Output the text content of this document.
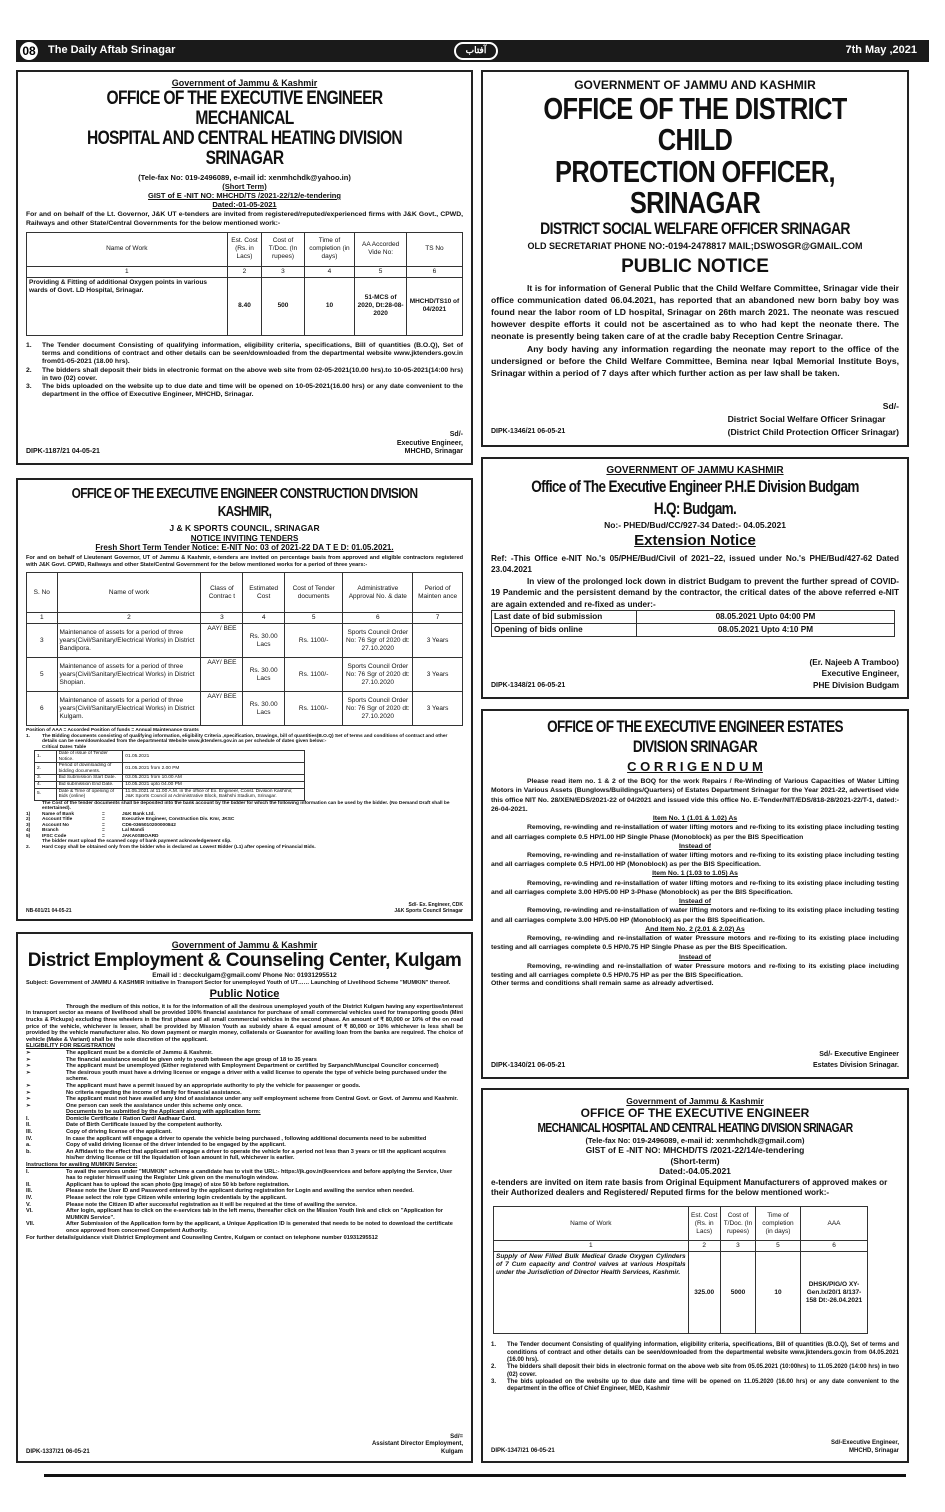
08	The Daily Aftab Srinagar	آفتاب	7th May ,2021
Government of Jammu & Kashmir
OFFICE OF THE EXECUTIVE ENGINEER MECHANICAL
HOSPITAL AND CENTRAL HEATING DIVISION SRINAGAR
(Tele-fax No: 019-2496089, e-mail id: xenmhchdk@yahoo.in)
(Short Term)
GIST of E -NIT NO: MHCHD/TS /2021-22/12/e-tendering
Dated:-01-05-2021
For and on behalf of the Lt. Governor, J&K UT e-tenders are invited from registered/reputed/experienced firms with J&K Govt., CPWD, Railways and other State/Central Governments for the below mentioned work:-
Name of Work	Est. Cost (Rs. in Lacs)	Cost of T/Doc. (In rupees)	Time of completion (in days)	AA Accorded Vide No:	TS No
1	2	3	4	5	6
Providing & Fitting of additional Oxygen points in various wards of Govt. LD Hospital, Srinagar.	8.40	500	10	51-MCS of 2020, Dt:28-08-2020	MHCHD/TS10 of 04/2021
1.	The Tender document Consisting of qualifying information, eligibility criteria, specifications, Bill of quantities (B.O.Q), Set of terms and conditions of contract and other details can be seen/downloaded from the departmental website www.jktenders.gov.in from01-05-2021 (18.00 hrs).
2.	The bidders shall deposit their bids in electronic format on the above web site from 02-05-2021(10.00 hrs).to 10-05-2021(14:00 hrs) in two (02) cover.
3.	The bids uploaded on the website up to due date and time will be opened on 10-05-2021(16.00 hrs) or any date convenient to the department in the office of Executive Engineer, MHCHD, Srinagar.
Sd/-
Executive Engineer,
MHCHD, Srinagar
DIPK-1187/21 04-05-21
OFFICE OF THE EXECUTIVE ENGINEER CONSTRUCTION DIVISION KASHMIR,
J & K SPORTS COUNCIL, SRINAGAR
NOTICE INVITING TENDERS
Fresh Short Term Tender Notice: E-NIT No: 03 of 2021-22 DA T E D: 01.05.2021.
For and on behalf of Lieutenant Governor, UT of Jammu & Kashmir, e-tenders are invited on percentage basis from approved and eligible contractors registered with J&K Govt. CPWD, Railways and other State/Central Government for the below mentioned works for a period of three years:-
S. No	Name of work	Class of Contrac t	Estimated Cost	Cost of Tender documents	Administrative Approval No. & date	Period of Mainten ance
1	2	3	4	5	6	7
3	Maintenance of assets for a period of three years(Civil/Sanitary/Electrical Works) in District Bandipora.	AAY/ BEE	Rs. 30.00 Lacs	Rs. 1100/-	Sports Council Order No: 76 Sgr of 2020 dt: 27.10.2020	3 Years
5	Maintenance of assets for a period of three years(Civil/Sanitary/Electrical Works) in District Shopian.	AAY/ BEE	Rs. 30.00 Lacs	Rs. 1100/-	Sports Council Order No: 76 Sgr of 2020 dt: 27.10.2020	3 Years
6	Maintenance of assets for a period of three years(Civil/Sanitary/Electrical Works) in District Kulgam.	AAY/ BEE	Rs. 30.00 Lacs	Rs. 1100/-	Sports Council Order No: 76 Sgr of 2020 dt: 27.10.2020	3 Years
Position of AAA = Accorded Position of funds = Annual Maintenance Grants
1.	The Bidding documents consisting of qualifying information, eligibility Criteria ,specification, Drawings, bill of quantities(B.O.Q) Set of terms and conditions of contract and other details can be seen/downloaded from the departmental Website www.jktenders.gov.in as per schedule of dates given below:-
Critical Dates Table
1.	Date of issue of Tender Notice.	01.05.2021
2.	Period of downloading of bidding documents.	01.05.2021 from 2.00 PM
3.	Bid Submission Start Date.	03.05.2021 from 10.00 AM
4.	Bid submission End Date.	10.05.2021 upto 04.00 PM
5.	Date & Time of opening of Bids (online)	11.05.2021 at 11.00 A.M. in the office of Ex. Engineer, Const. Division Kashmir, J&K Sports Council at Administrative Block, Bakhshi Stadium, Srinagar.
The Cost of the tender documents shall be deposited into the bank account by the bidder for which the following information can be used by the bidder. (No Demand Draft shall be entertained).
1)	Name of Bank	=	J&K Bank Ltd.
2)	Account Title	=	Executive Engineer, Construction Div. Kmr, JKSC
3)	Account No	=	CD6-0365010200000842
4)	Branch	=	Lal Mandi
5)	IFSC Code	=	JAKA0SBOARD
The bidder must upload the scanned copy of bank payment acknowledgement slip.
2.	Hard Copy shall be obtained only from the bidder who is declared as Lowest Bidder (L1) after opening of Financial Bids.
Sd/- Ex. Engineer, CDK
J&K Sports Council Srinagar
NB-601/21 04-05-21
Government of Jammu & Kashmir
District Employment & Counseling Center, Kulgam
Email id : decckulgam@gmail.com/ Phone No: 01931295512
Subject: Government of JAMMU & KASHMIR initiative in Transport Sector for unemployed Youth of UT…… Launching of Livelihood Scheme "MUMKIN" thereof.
Public Notice
Through the medium of this notice, it is for the information of all the desirous unemployed youth of the District Kulgam having any expertise/interest in transport sector as means of livelihood shall be provided 100% financial assistance for purchase of small commercial vehicles used for transporting goods (Mini trucks & Pickups) excluding three wheelers in the first phase and all small commercial vehicles in the second phase. An amount of ₹ 80,000 or 10% of the on road price of the vehicle, whichever is lesser, shall be provided by Mission Youth as subsidy share & equal amount of ₹ 80,000 or 10% whichever is less shall be provided by the vehicle manufacturer also. No down payment or margin money, collaterals or Guarantor for availing loan from the banks are required. The choice of vehicle (Make & Variant) shall be the sole discretion of the applicant.
ELIGIBILITY FOR REGISTRATION
➢	The applicant must be a domicile of Jammu & Kashmir.
➢	The financial assistance would be given only to youth between the age group of 18 to 35 years
➢	The applicant must be unemployed (Either registered with Employment Department or certified by Sarpanch/Muncipal Councilor concerned)
➢	The desirous youth must have a driving license or engage a driver with a valid license to operate the type of vehicle being purchased under the scheme.
➢	The applicant must have a permit issued by an appropriate authority to ply the vehicle for passenger or goods.
➢	No criteria regarding the income of family for financial assistance.
➢	The applicant must not have availed any kind of assistance under any self employment scheme from Central Govt. or Govt. of Jammu and Kashmir.
➢	One person can seek the assistance under this scheme only once.
Documents to be submitted by the Applicant along with application form:
I.	Domicile Certificate / Ration Card/ Aadhaar Card.
II.	Date of Birth Certificate issued by the competent authority.
III.	Copy of driving license of the applicant.
IV.	In case the applicant will engage a driver to operate the vehicle being purchased , following additional documents need to be submitted
a.	Copy of valid driving license of the driver intended to be engaged by the applicant.
b.	An Affidavit to the effect that applicant will engage a driver to operate the vehicle for a period not less than 3 years or till the applicant acquires his/her driving license or till the liquidation of loan amount in full, whichever is earlier.
Instructions for availing MUMKIN Service:
I.	To avail the services under "MUMKIN" scheme a candidate has to visit the URL:- https://jk.gov.in/jkservices and before applying the Service, User has to register himself using the Register Link given on the menu/login window.
II.	Applicant has to upload the scan photo (jpg image) of size 50 kb before registration.
III.	Please note the User ID and Password entered by the applicant during registration for Login and availing the service when needed.
IV.	Please select the role type Citizen while entering login credentials by the applicant.
V.	Please note the Citizen ID after successful registration as it will be required at the time of availing the service.
VI.	After login, applicant has to click on the e-services tab in the left menu, thereafter click on the Mission Youth link and click on "Application for MUMKIN Service".
VII.	After Submission of the Application form by the applicant, a Unique Application ID is generated that needs to be noted to download the certificate once approved from concerned Competent Authority.
For further details/guidance visit District Employment and Counseling Centre, Kulgam or contact on telephone number 01931295512
Sd/=
Assistant Director Employment,
Kulgam
DIPK-1337/21 06-05-21
GOVERNMENT OF JAMMU AND KASHMIR
OFFICE OF THE DISTRICT CHILD
PROTECTION OFFICER, SRINAGAR
DISTRICT SOCIAL WELFARE OFFICER SRINAGAR
OLD SECRETARIAT PHONE NO:-0194-2478817 MAIL;DSWOSGR@GMAIL.COM
PUBLIC NOTICE
It is for information of General Public that the Child Welfare Committee, Srinagar vide their office communication dated 06.04.2021, has reported that an abandoned new born baby boy was found near the labor room of LD hospital, Srinagar on 26th march 2021. The neonate was rescued however despite efforts it could not be ascertained as to who had kept the neonate there. The neonate is presently being taken care of at the cradle baby Reception Centre Srinagar.
Any body having any information regarding the neonate may report to the office of the undersigned or before the Child Welfare Committee, Bemina near Iqbal Memorial Institute Boys, Srinagar within a period of 7 days after which further action as per law shall be taken.
Sd/-
District Social Welfare Officer Srinagar
(District Child Protection Officer Srinagar)
DIPK-1346/21 06-05-21
GOVERNMENT OF JAMMU KASHMIR
Office of The Executive Engineer P.H.E Division Budgam H.Q: Budgam.
No:- PHED/Bud/CC/927-34 Dated:- 04.05.2021
Extension Notice
Ref: -This Office e-NIT No.'s 05/PHE/Bud/Civil of 2021–22, issued under No.'s PHE/Bud/427-62 Dated 23.04.2021
In view of the prolonged lock down in district Budgam to prevent the further spread of COVID-19 Pandemic and the persistent demand by the contractor, the critical dates of the above referred e-NIT are again extended and re-fixed as under:-
Last date of bid submission	08.05.2021 Upto 04:00 PM
Opening of bids online	08.05.2021 Upto 4:10 PM
(Er. Najeeb A Tramboo)
Executive Engineer,
PHE Division Budgam
DIPK-1348/21 06-05-21
OFFICE OF THE EXECUTIVE ENGINEER ESTATES DIVISION SRINAGAR
C O R R I G E N D U M
Please read item no. 1 & 2 of the BOQ for the work Repairs / Re-Winding of Various Capacities of Water Lifting Motors in Various Assets (Bunglows/Buildings/Quarters) of Estates Department Srinagar for the Year 2021-22, advertised vide this office NIT No. 28/XEN/EDS/2021-22 of 04/2021 and issued vide this office No. E-Tender/NIT/EDS/818-28/2021-22/T-1, dated:- 26-04-2021.
Item No. 1 (1.01 & 1.02) As
Removing, re-winding and re-installation of water lifting motors and re-fixing to its existing place including testing and all carriages complete 0.5 HP/1.00 HP Single Phase (Monoblock) as per the BIS Specification
Instead of
Removing, re-winding and re-installation of water lifting motors and re-fixing to its existing place including testing and all carriages complete 0.5 HP/1.00 HP (Monoblock) as per the BIS Specification.
Item No. 1 (1.03 to 1.05) As
Removing, re-winding and re-installation of water lifting motors and re-fixing to its existing place including testing and all carriages complete 3.00 HP/5.00 HP 3-Phase (Monoblock) as per the BIS Specification.
Instead of
Removing, re-winding and re-installation of water lifting motors and re-fixing to its existing place including testing and all carriages complete 3.00 HP/5.00 HP (Monoblock) as per the BIS Specification.
And Item No. 2 (2.01 & 2.02) As
Removing, re-winding and re-installation of water Pressure motors and re-fixing to its existing place including testing and all carriages complete 0.5 HP/0.75 HP Single Phase as per the BIS Specification.
Instead of
Removing, re-winding and re-installation of water Pressure motors and re-fixing to its existing place including testing and all carriages complete 0.5 HP/0.75 HP as per the BIS Specification.
Other terms and conditions shall remain same as already advertised.
Sd/- Executive Engineer
Estates Division Srinagar.
DIPK-1340/21 06-05-21
Government of Jammu & Kashmir
OFFICE OF THE EXECUTIVE ENGINEER
MECHANICAL HOSPITAL AND CENTRAL HEATING DIVISION SRINAGAR
(Tele-fax No: 019-2496089, e-mail id: xenmhchdk@gmail.com)
GIST of E -NIT NO: MHCHD/TS /2021-22/14/e-tendering
(Short-term)
Dated:-04.05.2021
e-tenders are invited on item rate basis from Original Equipment Manufacturers of approved makes or their Authorized dealers and Registered/ Reputed firms for the below mentioned work:-
Name of Work	Est. Cost (Rs. in Lacs)	Cost of T/Doc. (In rupees)	Time of completion (in days)	AAA
1	2	3	5	6
Supply of New Filled Bulk Medical Grade Oxygen Cylinders of 7 Cum capacity and Control valves at various Hospitals under the Jurisdiction of Director Health Services, Kashmir.	325.00	5000	10	DHSK/PIG/O XY-Gen.Ix/20/1 8/137-158 Dt:-26.04.2021
1.	The Tender document Consisting of qualifying information, eligibility criteria, specifications, Bill of quantities (B.O.Q), Set of terms and conditions of contract and other details can be seen/downloaded from the departmental website www.jktenders.gov.in from 04.05.2021 (16.00 hrs).
2.	The bidders shall deposit their bids in electronic format on the above web site from 05.05.2021 (10:00hrs) to 11.05.2020 (14:00 hrs) in two (02) cover.
3.	The bids uploaded on the website up to due date and time will be opened on 11.05.2020 (16.00 hrs) or any date convenient to the department in the office of Chief Engineer, MED, Kashmir
Sd/-Executive Engineer,
MHCHD, Srinagar
DIPK-1347/21 06-05-21
